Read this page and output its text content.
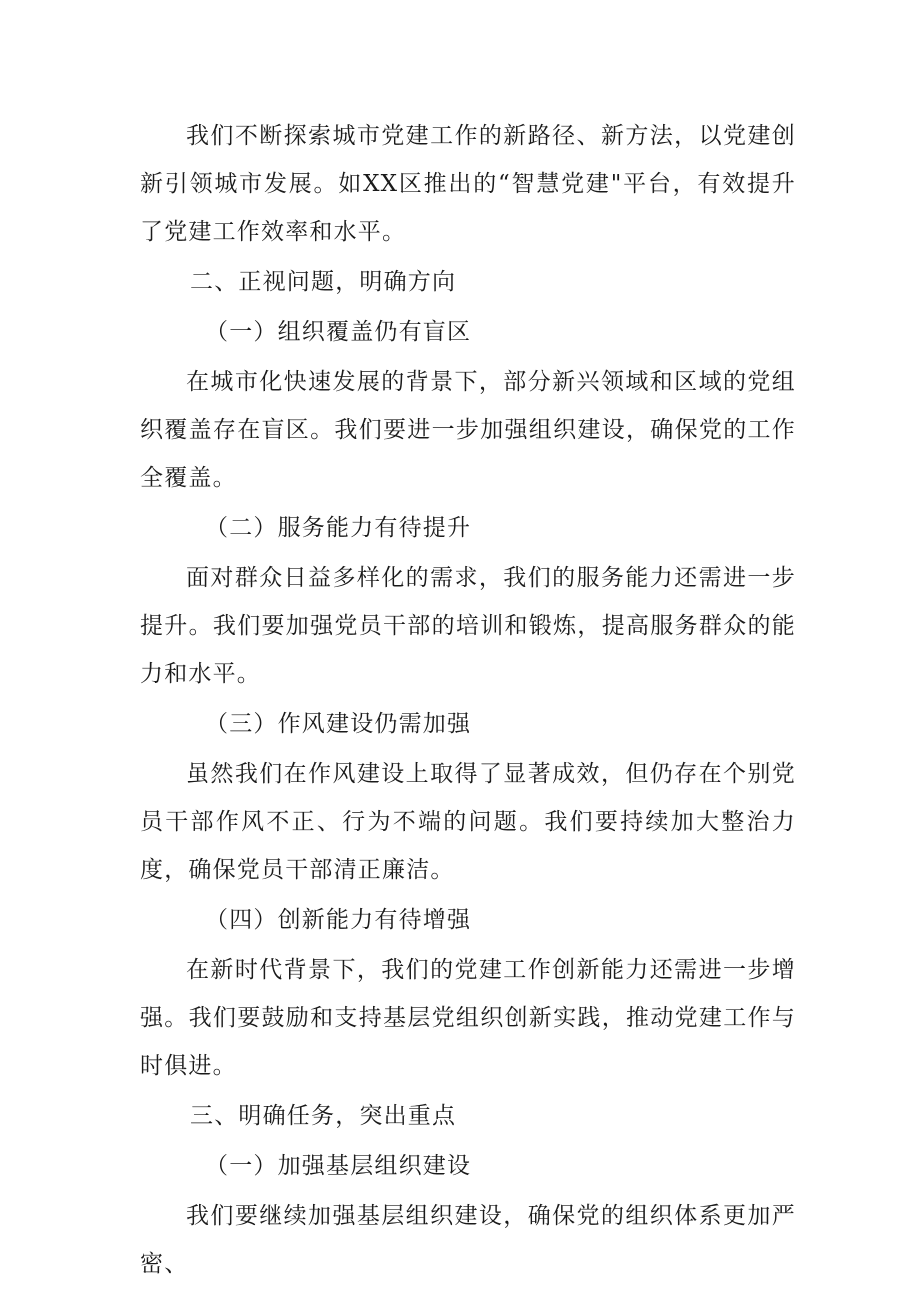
我们不断探索城市党建工作的新路径、新方法，以党建创新引领城市发展。如XX区推出的“智慧党建"平台，有效提升了党建工作效率和水平。

二、正视问题，明确方向

（一）组织覆盖仍有盲区

在城市化快速发展的背景下，部分新兴领域和区域的党组织覆盖存在盲区。我们要进一步加强组织建设，确保党的工作全覆盖。

（二）服务能力有待提升

面对群众日益多样化的需求，我们的服务能力还需进一步提升。我们要加强党员干部的培训和锻炼，提高服务群众的能力和水平。

（三）作风建设仍需加强

虽然我们在作风建设上取得了显著成效，但仍存在个别党员干部作风不正、行为不端的问题。我们要持续加大整治力度，确保党员干部清正廉洁。

（四）创新能力有待增强

在新时代背景下，我们的党建工作创新能力还需进一步增强。我们要鼓励和支持基层党组织创新实践，推动党建工作与时俱进。

三、明确任务，突出重点

（一）加强基层组织建设

我们要继续加强基层组织建设，确保党的组织体系更加严密、
